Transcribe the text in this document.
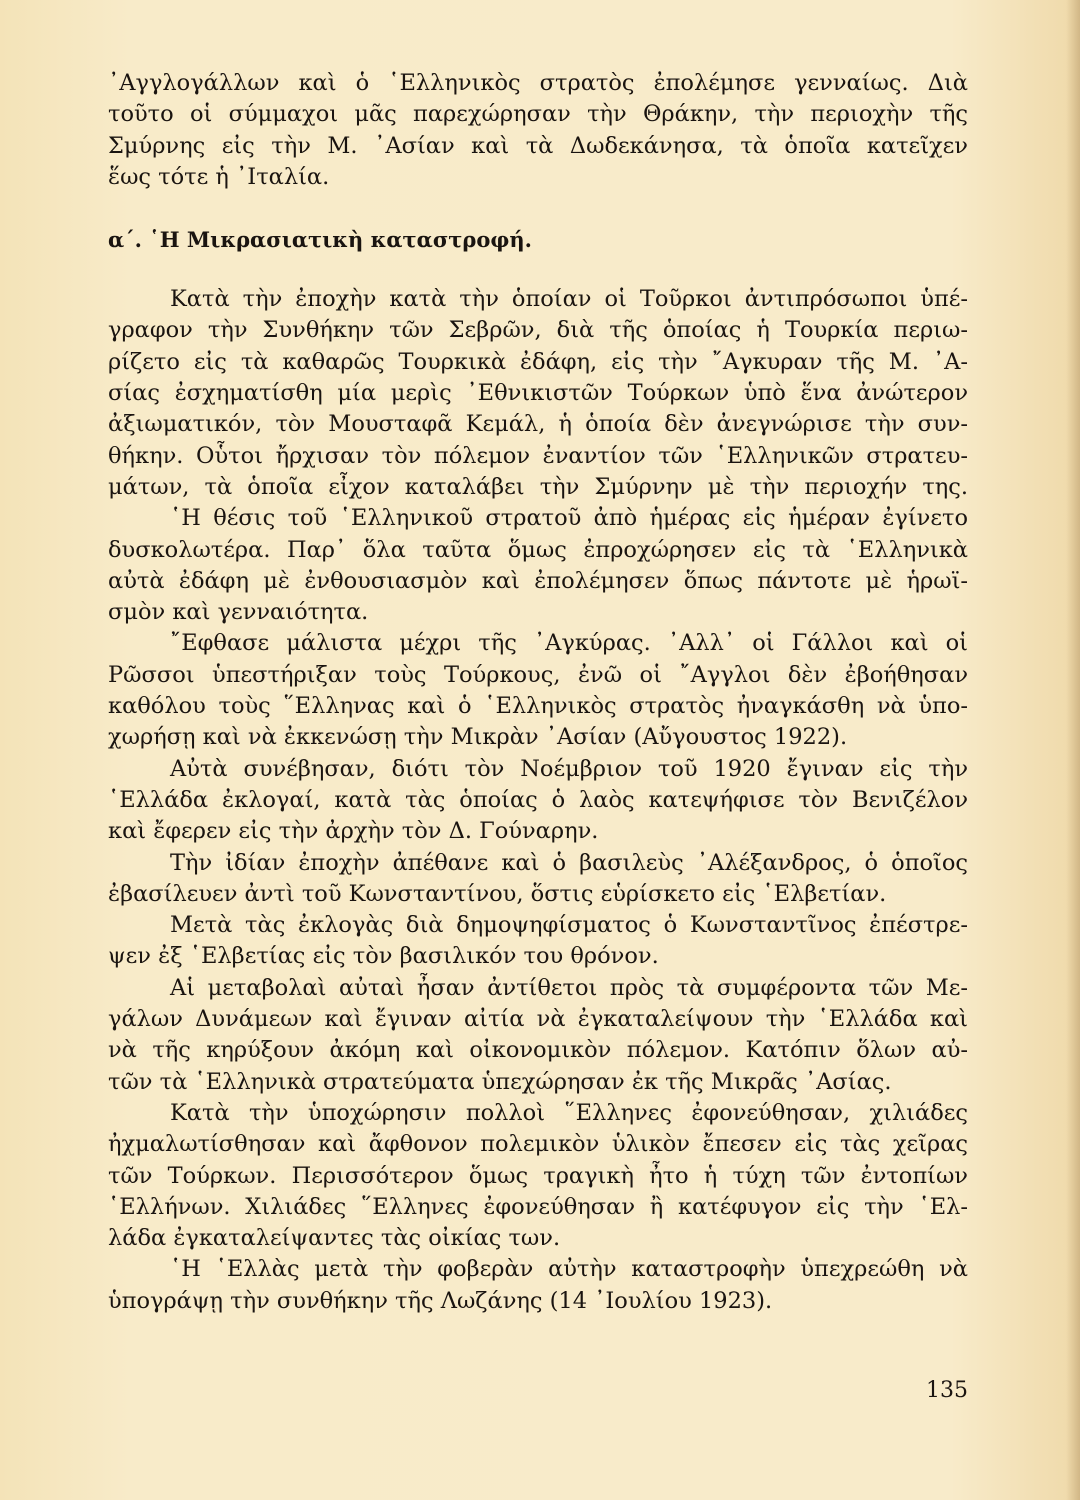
᾿Αγγλογάλλων καὶ ὁ ῾Ελληνικὸς στρατὸς ἐπολέμησε γενναίως. Διὰ
τοῦτο οἱ σύμμαχοι μᾶς παρεχώρησαν τὴν Θράκην, τὴν περιοχὴν τῆς
Σμύρνης εἰς τὴν Μ. ᾿Ασίαν καὶ τὰ Δωδεκάνησα, τὰ ὁποῖα κατεῖχεν
ἕως τότε ἡ ᾿Ιταλία.
α΄. ῾Η Μικρασιατικὴ καταστροφή.
Κατὰ τὴν ἐποχὴν κατὰ τὴν ὁποίαν οἱ Τοῦρκοι ἀντιπρόσωποι ὑπέ-
γραφον τὴν Συνθήκην τῶν Σεβρῶν, διὰ τῆς ὁποίας ἡ Τουρκία περιω-
ρίζετο εἰς τὰ καθαρῶς Τουρκικὰ ἐδάφη, εἰς τὴν ῎Αγκυραν τῆς Μ. ᾿Α-
σίας ἐσχηματίσθη μία μερὶς ᾿Εθνικιστῶν Τούρκων ὑπὸ ἕνα ἀνώτερον
ἀξιωματικόν, τὸν Μουσταφᾶ Κεμάλ, ἡ ὁποία δὲν ἀνεγνώρισε τὴν συν-
θήκην. Οὗτοι ἤρχισαν τὸν πόλεμον ἐναντίον τῶν ῾Ελληνικῶν στρατευ-
μάτων, τὰ ὁποῖα εἶχον καταλάβει τὴν Σμύρνην μὲ τὴν περιοχήν της.
῾Η θέσις τοῦ ῾Ελληνικοῦ στρατοῦ ἀπὸ ἡμέρας εἰς ἡμέραν ἐγίνετο
δυσκολωτέρα. Παρ᾿ ὅλα ταῦτα ὅμως ἐπροχώρησεν εἰς τὰ ῾Ελληνικὰ
αὐτὰ ἐδάφη μὲ ἐνθουσιασμὸν καὶ ἐπολέμησεν ὅπως πάντοτε μὲ ἡρωϊ-
σμὸν καὶ γενναιότητα.
῎Εφθασε μάλιστα μέχρι τῆς ᾿Αγκύρας. ᾿Αλλ᾿ οἱ Γάλλοι καὶ οἱ
Ρῶσσοι ὑπεστήριξαν τοὺς Τούρκους, ἐνῶ οἱ ῎Αγγλοι δὲν ἐβοήθησαν
καθόλου τοὺς ῞Ελληνας καὶ ὁ ῾Ελληνικὸς στρατὸς ἠναγκάσθη νὰ ὑπο-
χωρήσῃ καὶ νὰ ἐκκενώσῃ τὴν Μικρὰν ᾿Ασίαν (Αὔγουστος 1922).
Αὐτὰ συνέβησαν, διότι τὸν Νοέμβριον τοῦ 1920 ἔγιναν εἰς τὴν
῾Ελλάδα ἐκλογαί, κατὰ τὰς ὁποίας ὁ λαὸς κατεψήφισε τὸν Βενιζέλον
καὶ ἔφερεν εἰς τὴν ἀρχὴν τὸν Δ. Γούναρην.
Τὴν ἰδίαν ἐποχὴν ἀπέθανε καὶ ὁ βασιλεὺς ᾿Αλέξανδρος, ὁ ὁποῖος
ἐβασίλευεν ἀντὶ τοῦ Κωνσταντίνου, ὅστις εὑρίσκετο εἰς ῾Ελβετίαν.
Μετὰ τὰς ἐκλογὰς διὰ δημοψηφίσματος ὁ Κωνσταντῖνος ἐπέστρε-
ψεν ἐξ ῾Ελβετίας εἰς τὸν βασιλικόν του θρόνον.
Αἱ μεταβολαὶ αὐταὶ ἦσαν ἀντίθετοι πρὸς τὰ συμφέροντα τῶν Με-
γάλων Δυνάμεων καὶ ἔγιναν αἰτία νὰ ἐγκαταλείψουν τὴν ῾Ελλάδα καὶ
νὰ τῆς κηρύξουν ἀκόμη καὶ οἰκονομικὸν πόλεμον. Κατόπιν ὅλων αὐ-
τῶν τὰ ῾Ελληνικὰ στρατεύματα ὑπεχώρησαν ἐκ τῆς Μικρᾶς ᾿Ασίας.
Κατὰ τὴν ὑποχώρησιν πολλοὶ ῞Ελληνες ἐφονεύθησαν, χιλιάδες
ἠχμαλωτίσθησαν καὶ ἄφθονον πολεμικὸν ὑλικὸν ἔπεσεν εἰς τὰς χεῖρας
τῶν Τούρκων. Περισσότερον ὅμως τραγικὴ ἦτο ἡ τύχη τῶν ἐντοπίων
῾Ελλήνων. Χιλιάδες ῞Ελληνες ἐφονεύθησαν ἢ κατέφυγον εἰς τὴν ῾Ελ-
λάδα ἐγκαταλείψαντες τὰς οἰκίας των.
῾Η ῾Ελλὰς μετὰ τὴν φοβερὰν αὐτὴν καταστροφὴν ὑπεχρεώθη νὰ
ὑπογράψῃ τὴν συνθήκην τῆς Λωζάνης (14 ᾿Ιουλίου 1923).
135
